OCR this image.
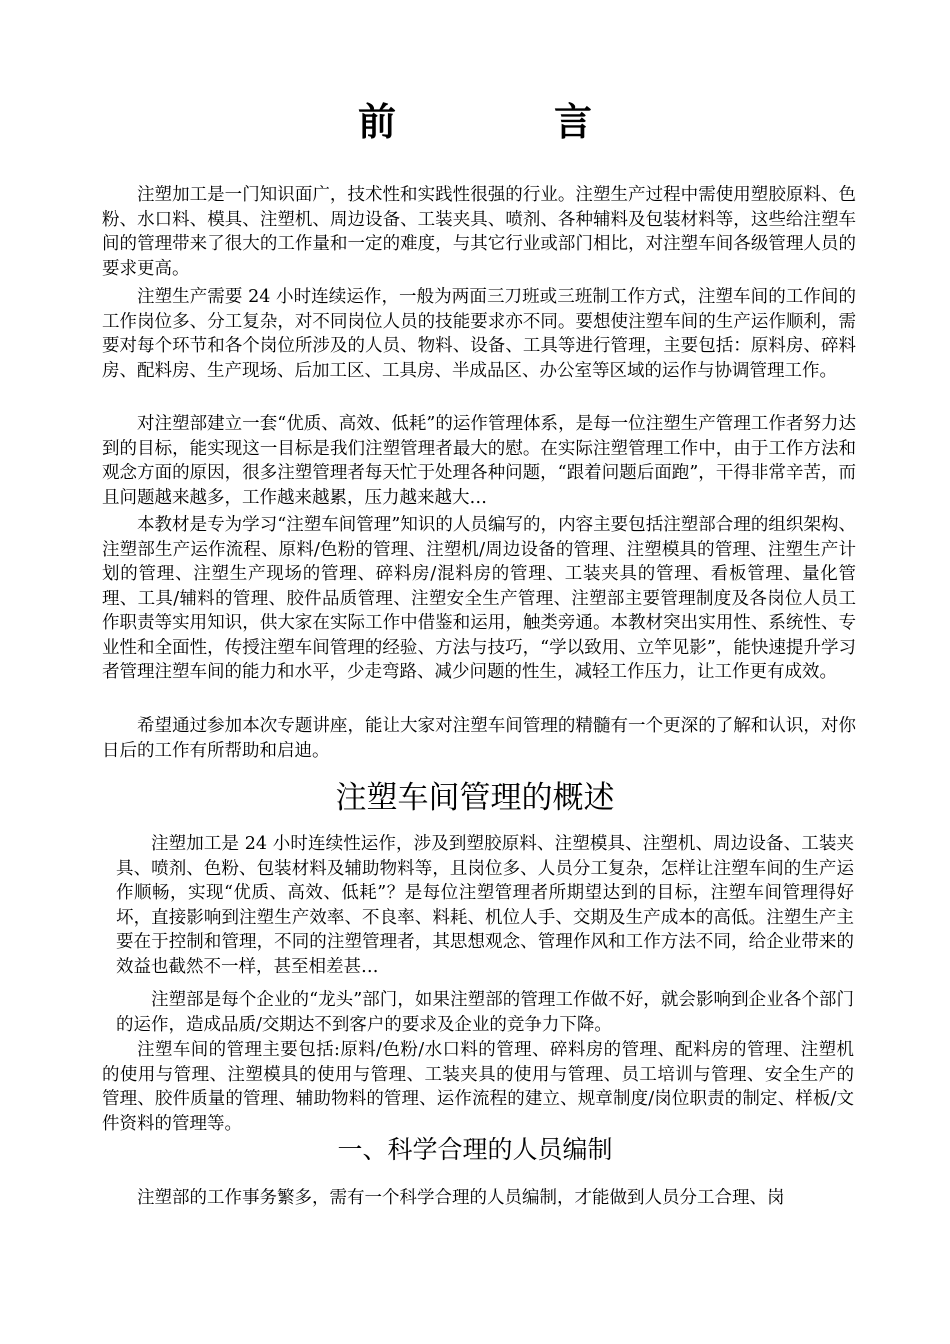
前　言

注塑加工是一门知识面广，技术性和实践性很强的行业。注塑生产过程中需使用塑胶原料、色粉、水口料、模具、注塑机、周边设备、工装夹具、喷剂、各种辅料及包装材料等，这些给注塑车间的管理带来了很大的工作量和一定的难度，与其它行业或部门相比，对注塑车间各级管理人员的要求更高。

注塑生产需要 24 小时连续运作，一般为两面三刀班或三班制工作方式，注塑车间的工作间的工作岗位多、分工复杂，对不同岗位人员的技能要求亦不同。要想使注塑车间的生产运作顺利，需要对每个环节和各个岗位所涉及的人员、物料、设备、工具等进行管理，主要包括：原料房、碎料房、配料房、生产现场、后加工区、工具房、半成品区、办公室等区域的运作与协调管理工作。

对注塑部建立一套“优质、高效、低耗”的运作管理体系，是每一位注塑生产管理工作者努力达到的目标，能实现这一目标是我们注塑管理者最大的慰。在实际注塑管理工作中，由于工作方法和观念方面的原因，很多注塑管理者每天忙于处理各种问题，“跟着问题后面跑”，干得非常辛苦，而且问题越来越多，工作越来越累，压力越来越大…

本教材是专为学习“注塑车间管理”知识的人员编写的，内容主要包括注塑部合理的组织架构、注塑部生产运作流程、原料/色粉的管理、注塑机/周边设备的管理、注塑模具的管理、注塑生产计划的管理、注塑生产现场的管理、碎料房/混料房的管理、工装夹具的管理、看板管理、量化管理、工具/辅料的管理、胶件品质管理、注塑安全生产管理、注塑部主要管理制度及各岗位人员工作职责等实用知识，供大家在实际工作中借鉴和运用，触类旁通。本教材突出实用性、系统性、专业性和全面性，传授注塑车间管理的经验、方法与技巧，“学以致用、立竿见影”，能快速提升学习者管理注塑车间的能力和水平，少走弯路、减少问题的性生，减轻工作压力，让工作更有成效。

希望通过参加本次专题讲座，能让大家对注塑车间管理的精髓有一个更深的了解和认识，对你日后的工作有所帮助和启迪。

注塑车间管理的概述

注塑加工是 24 小时连续性运作，涉及到塑胶原料、注塑模具、注塑机、周边设备、工装夹具、喷剂、色粉、包装材料及辅助物料等，且岗位多、人员分工复杂，怎样让注塑车间的生产运作顺畅，实现“优质、高效、低耗”？是每位注塑管理者所期望达到的目标，注塑车间管理得好坏，直接影响到注塑生产效率、不良率、料耗、机位人手、交期及生产成本的高低。注塑生产主要在于控制和管理，不同的注塑管理者，其思想观念、管理作风和工作方法不同，给企业带来的效益也截然不一样，甚至相差甚…

注塑部是每个企业的“龙头”部门，如果注塑部的管理工作做不好，就会影响到企业各个部门的运作，造成品质/交期达不到客户的要求及企业的竞争力下降。

注塑车间的管理主要包括:原料/色粉/水口料的管理、碎料房的管理、配料房的管理、注塑机的使用与管理、注塑模具的使用与管理、工装夹具的使用与管理、员工培训与管理、安全生产的管理、胶件质量的管理、辅助物料的管理、运作流程的建立、规章制度/岗位职责的制定、样板/文件资料的管理等。

一、科学合理的人员编制

注塑部的工作事务繁多，需有一个科学合理的人员编制，才能做到人员分工合理、岗
